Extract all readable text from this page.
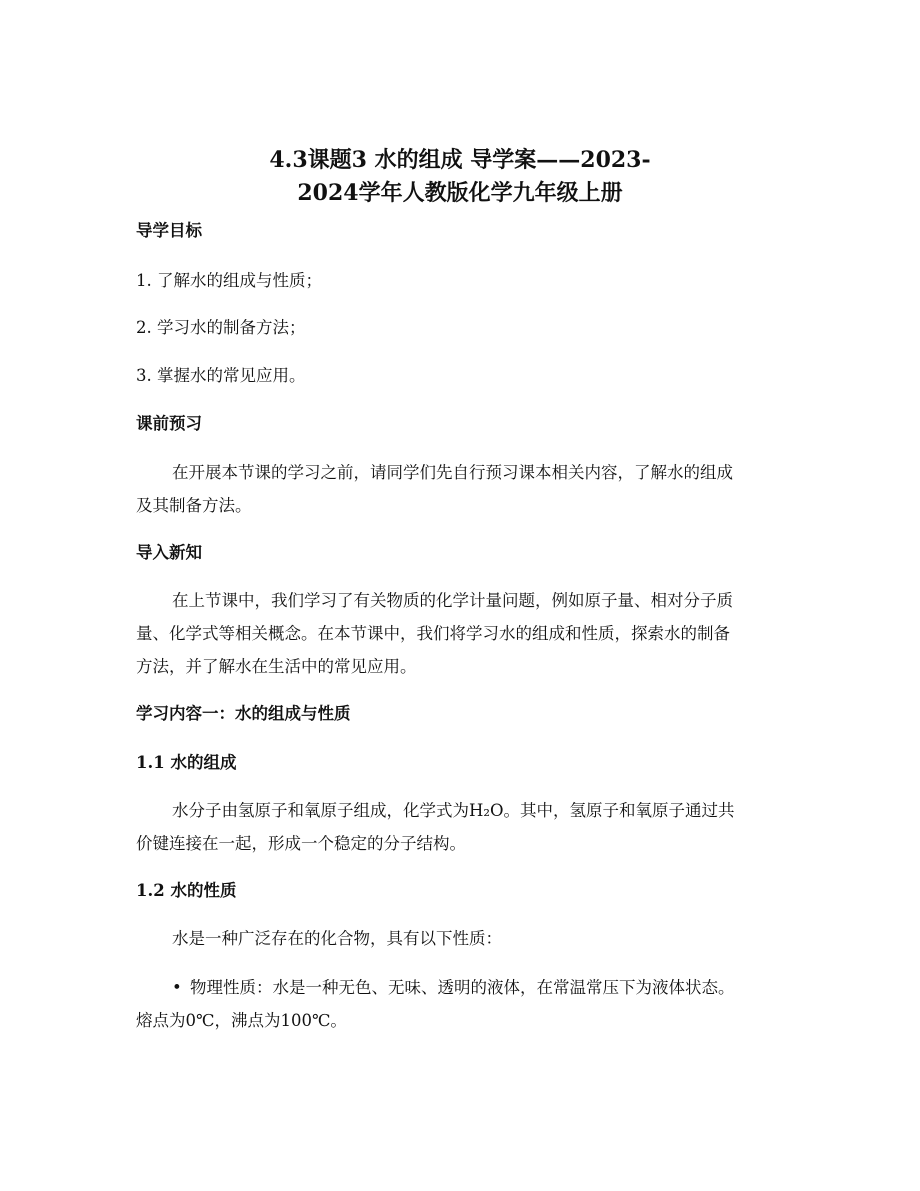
4.3课题3 水的组成 导学案——2023-
2024学年人教版化学九年级上册
导学目标
1. 了解水的组成与性质；
2. 学习水的制备方法；
3. 掌握水的常见应用。
课前预习
在开展本节课的学习之前，请同学们先自行预习课本相关内容，了解水的组成
及其制备方法。
导入新知
在上节课中，我们学习了有关物质的化学计量问题，例如原子量、相对分子质
量、化学式等相关概念。在本节课中，我们将学习水的组成和性质，探索水的制备
方法，并了解水在生活中的常见应用。
学习内容一：水的组成与性质
1.1 水的组成
水分子由氢原子和氧原子组成，化学式为H₂O。其中，氢原子和氧原子通过共
价键连接在一起，形成一个稳定的分子结构。
1.2 水的性质
水是一种广泛存在的化合物，具有以下性质：
• 物理性质：水是一种无色、无味、透明的液体，在常温常压下为液体状态。
熔点为0℃，沸点为100℃。
